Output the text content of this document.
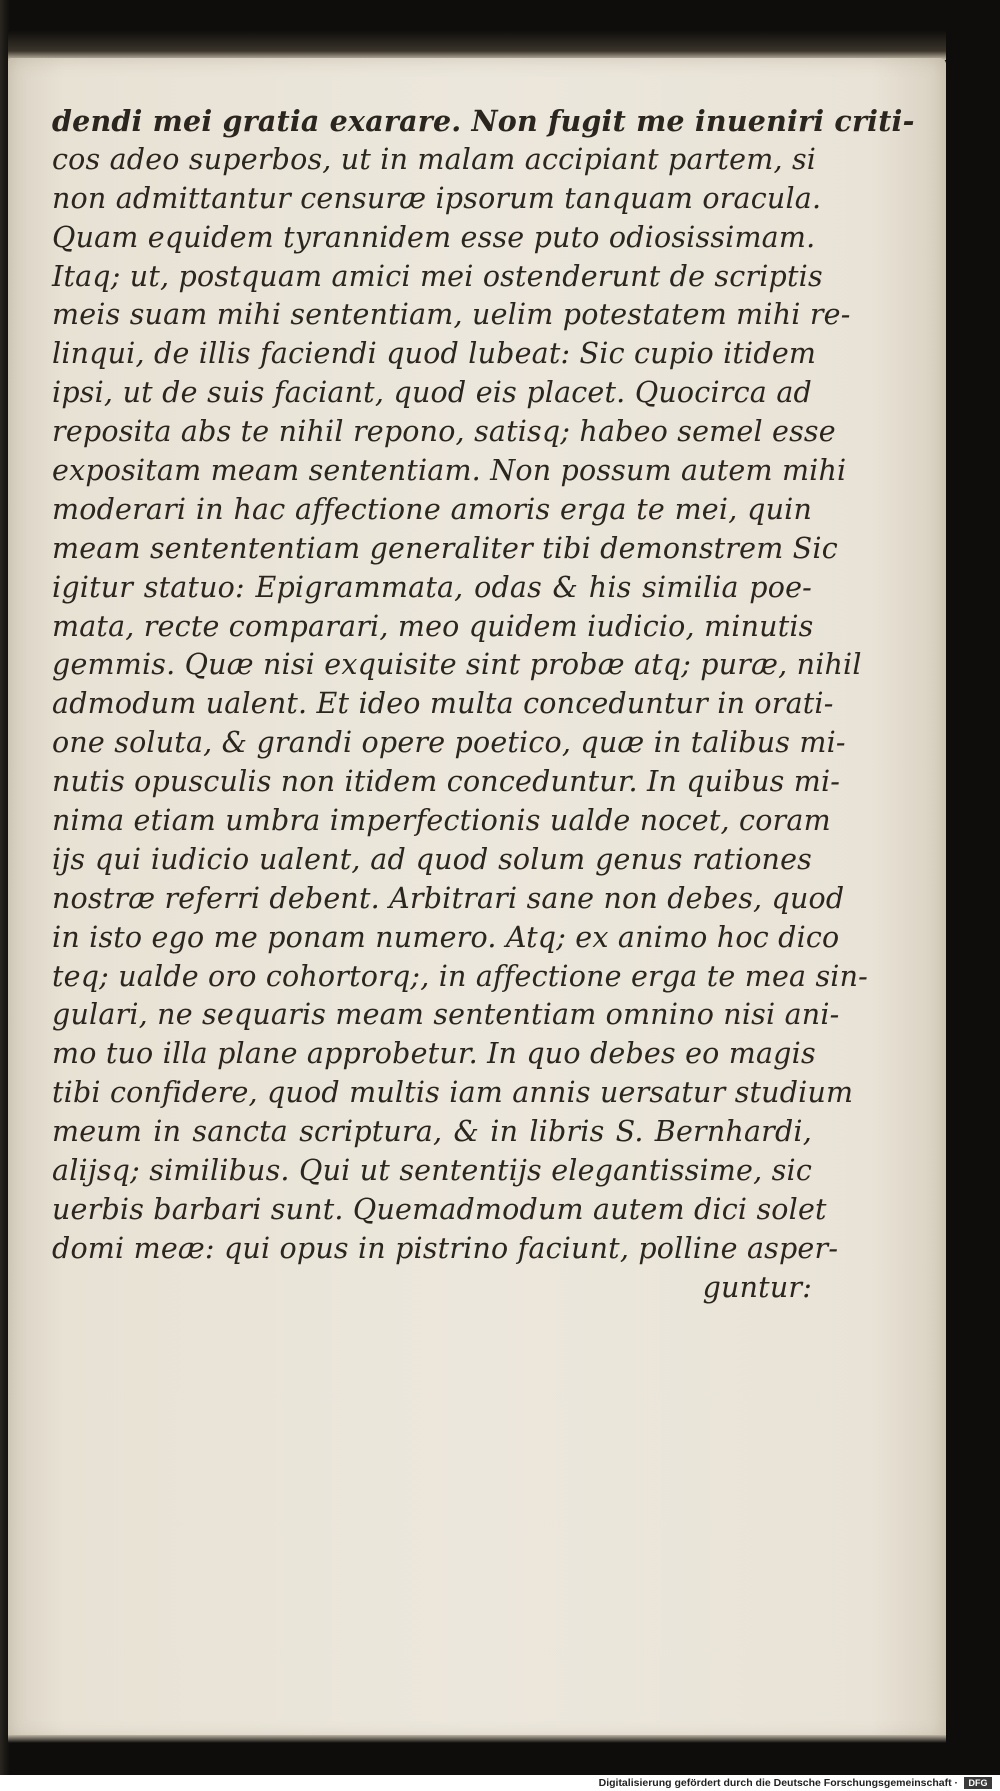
dendi mei gratia exarare. Non fugit me inueniri criti-
cos adeo superbos, ut in malam accipiant partem, si
non admittantur censuræ ipsorum tanquam oracula.
Quam equidem tyrannidem esse puto odiosissimam.
Itaq; ut, postquam amici mei ostenderunt de scriptis
meis suam mihi sententiam, uelim potestatem mihi re-
linqui, de illis faciendi quod lubeat: Sic cupio itidem
ipsi, ut de suis faciant, quod eis placet. Quocirca ad
reposita abs te nihil repono, satisq; habeo semel esse
expositam meam sententiam. Non possum autem mihi
moderari in hac affectione amoris erga te mei, quin
meam sentententiam generaliter tibi demonstrem Sic
igitur statuo: Epigrammata, odas & his similia poe-
mata, recte comparari, meo quidem iudicio, minutis
gemmis. Quæ nisi exquisite sint probæ atq; puræ, nihil
admodum ualent. Et ideo multa conceduntur in orati-
one soluta, & grandi opere poetico, quæ in talibus mi-
nutis opusculis non itidem conceduntur. In quibus mi-
nima etiam umbra imperfectionis ualde nocet, coram
ijs qui iudicio ualent, ad quod solum genus rationes
nostræ referri debent. Arbitrari sane non debes, quod
in isto ego me ponam numero. Atq; ex animo hoc dico
teq; ualde oro cohortorq;, in affectione erga te mea sin-
gulari, ne sequaris meam sententiam omnino nisi ani-
mo tuo illa plane approbetur. In quo debes eo magis
tibi confidere, quod multis iam annis uersatur studium
meum in sancta scriptura, & in libris S. Bernhardi,
alijsq; similibus. Qui ut sententijs elegantissime, sic
uerbis barbari sunt. Quemadmodum autem dici solet
domi meæ: qui opus in pistrino faciunt, polline asper-
guntur:
Digitalisierung gefördert durch die Deutsche Forschungsgemeinschaft ·	DFG
